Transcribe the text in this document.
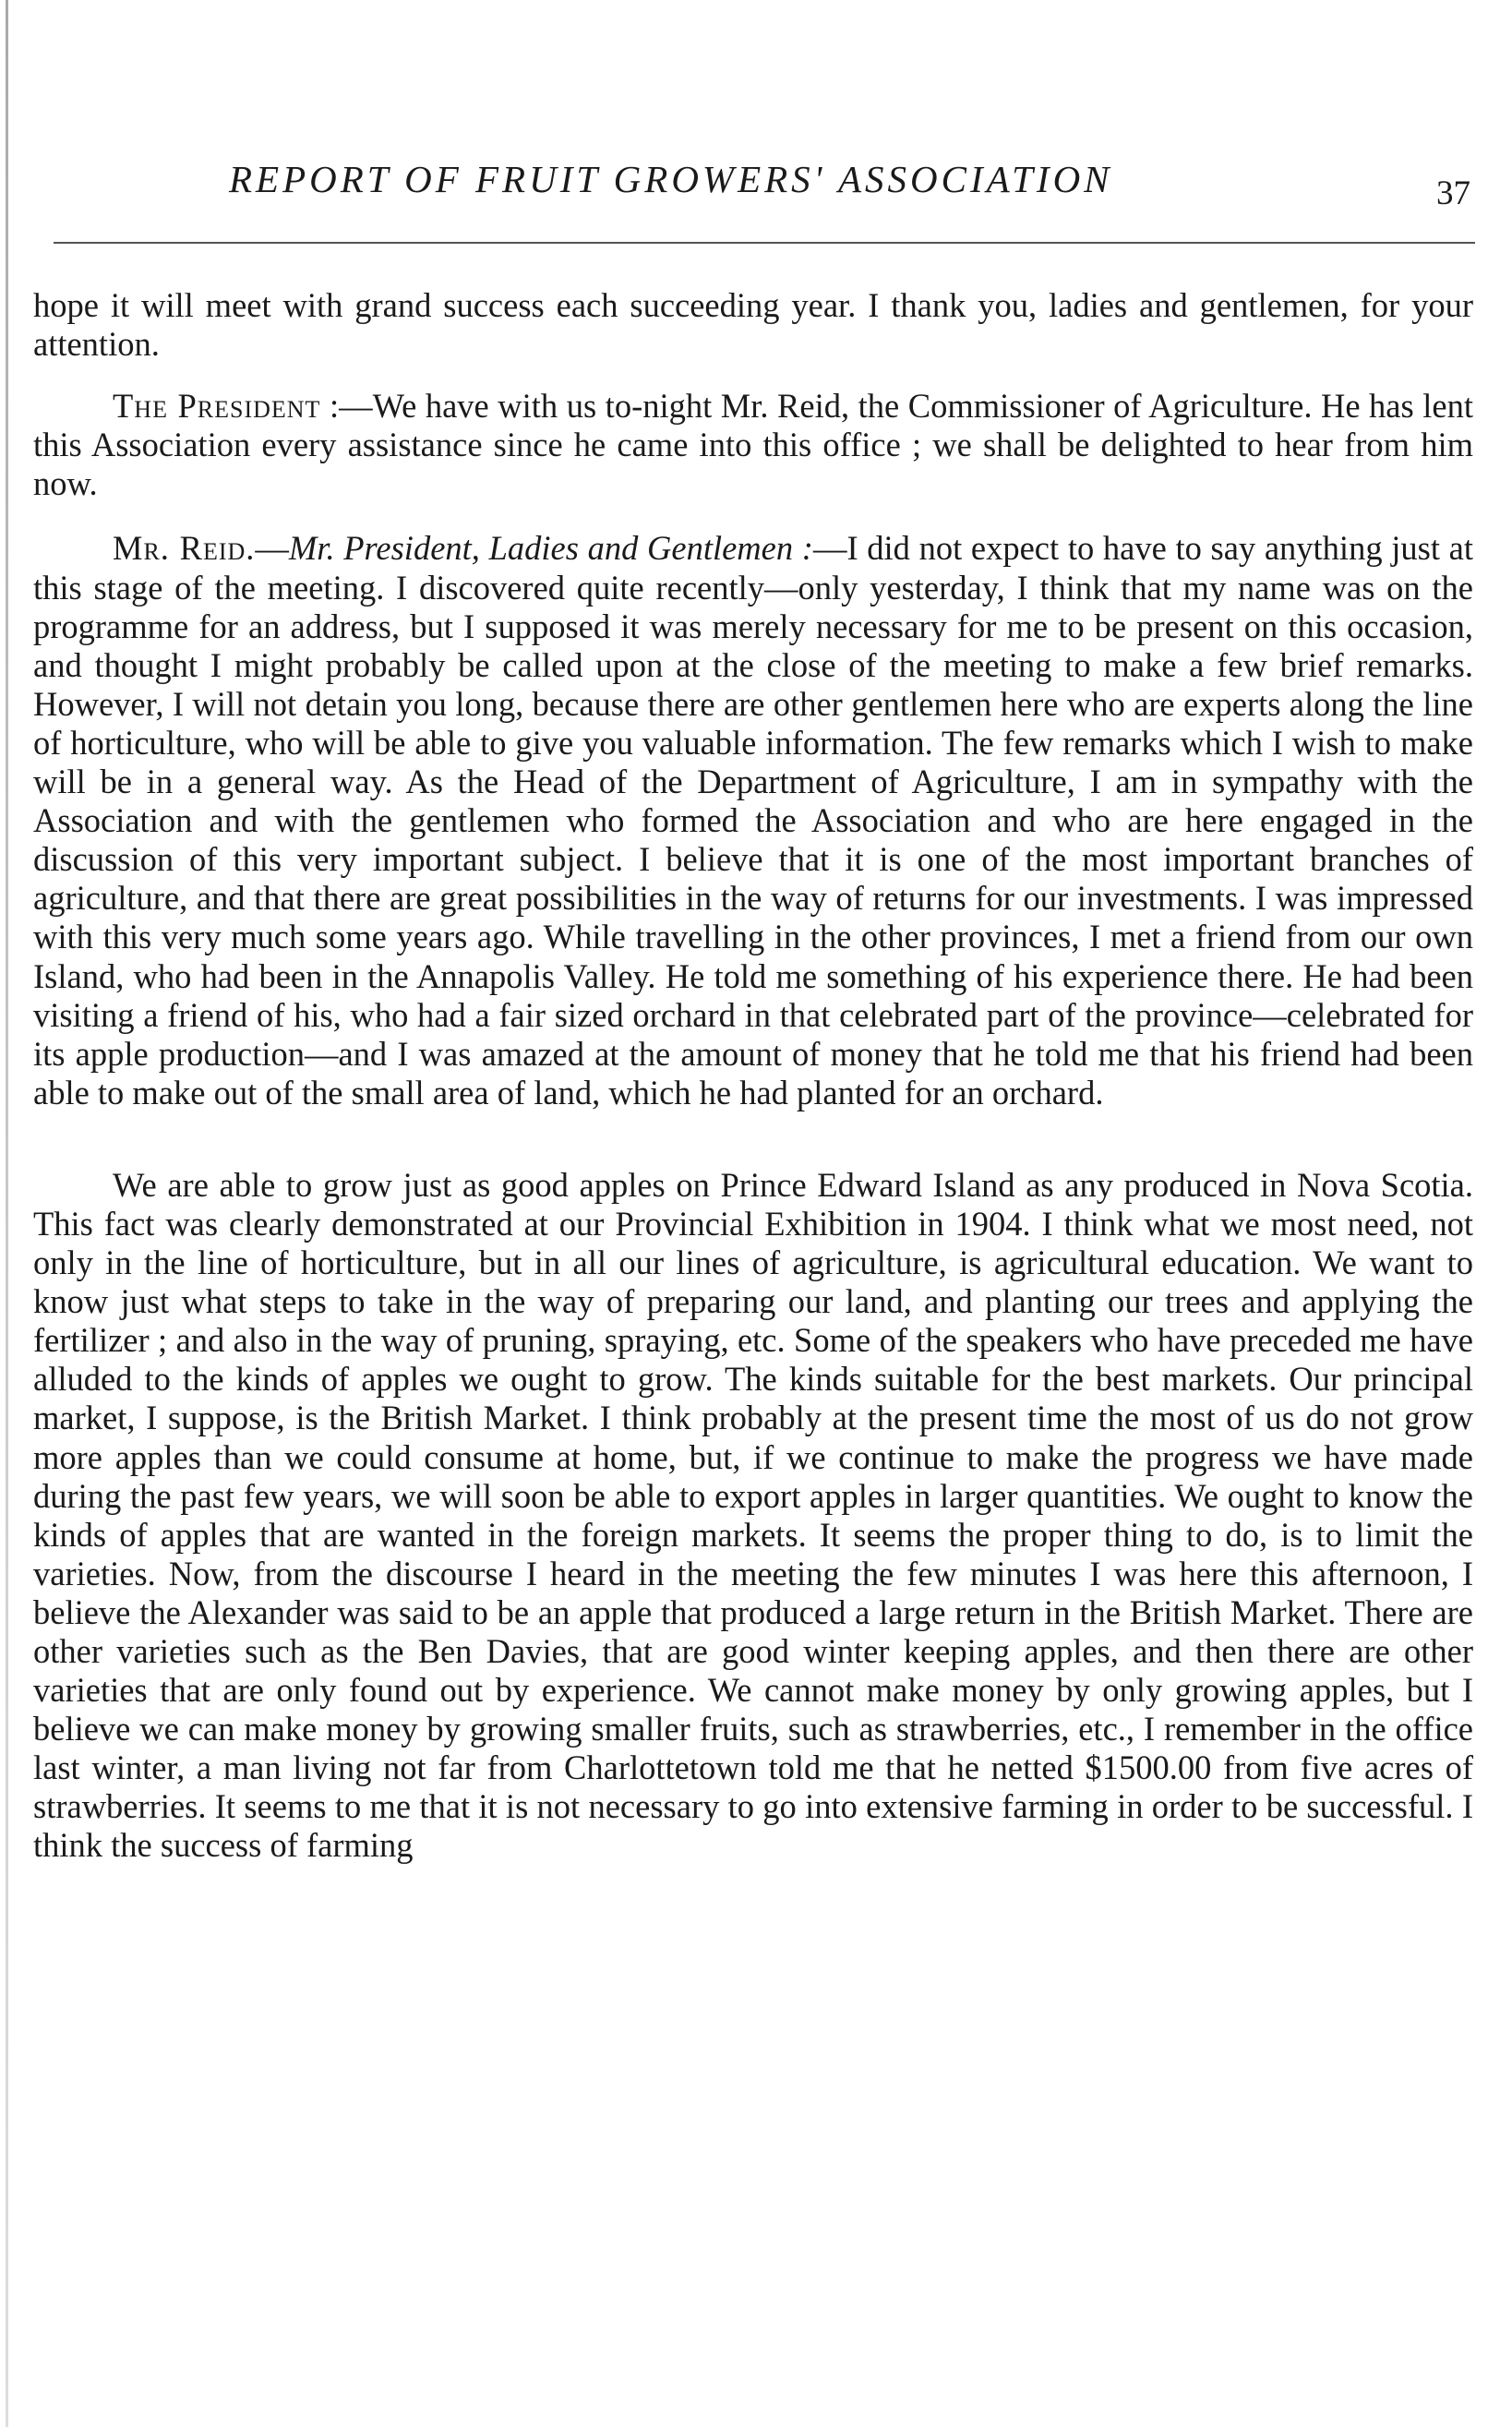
REPORT OF FRUIT GROWERS' ASSOCIATION	37

hope it will meet with grand success each succeeding year. I thank you, ladies and gentlemen, for your attention.

The President :—We have with us to-night Mr. Reid, the Commissioner of Agriculture. He has lent this Association every assistance since he came into this office ; we shall be delighted to hear from him now.

Mr. Reid.—Mr. President, Ladies and Gentlemen :—I did not expect to have to say anything just at this stage of the meeting. I discovered quite recently—only yesterday, I think that my name was on the programme for an address, but I supposed it was merely necessary for me to be present on this occasion, and thought I might probably be called upon at the close of the meeting to make a few brief remarks. However, I will not detain you long, because there are other gentlemen here who are experts along the line of horticulture, who will be able to give you valuable information. The few remarks which I wish to make will be in a general way. As the Head of the Department of Agriculture, I am in sympathy with the Association and with the gentlemen who formed the Association and who are here engaged in the discussion of this very important subject. I believe that it is one of the most important branches of agriculture, and that there are great possibilities in the way of returns for our investments. I was impressed with this very much some years ago. While travelling in the other provinces, I met a friend from our own Island, who had been in the Annapolis Valley. He told me something of his experience there. He had been visiting a friend of his, who had a fair sized orchard in that celebrated part of the province—celebrated for its apple production—and I was amazed at the amount of money that he told me that his friend had been able to make out of the small area of land, which he had planted for an orchard.

We are able to grow just as good apples on Prince Edward Island as any produced in Nova Scotia. This fact was clearly demonstrated at our Provincial Exhibition in 1904. I think what we most need, not only in the line of horticulture, but in all our lines of agriculture, is agricultural education. We want to know just what steps to take in the way of preparing our land, and planting our trees and applying the fertilizer ; and also in the way of pruning, spraying, etc. Some of the speakers who have preceded me have alluded to the kinds of apples we ought to grow. The kinds suitable for the best markets. Our principal market, I suppose, is the British Market. I think probably at the present time the most of us do not grow more apples than we could consume at home, but, if we continue to make the progress we have made during the past few years, we will soon be able to export apples in larger quantities. We ought to know the kinds of apples that are wanted in the foreign markets. It seems the proper thing to do, is to limit the varieties. Now, from the discourse I heard in the meeting the few minutes I was here this afternoon, I believe the Alexander was said to be an apple that produced a large return in the British Market. There are other varieties such as the Ben Davies, that are good winter keeping apples, and then there are other varieties that are only found out by experience. We cannot make money by only growing apples, but I believe we can make money by growing smaller fruits, such as strawberries, etc., I remember in the office last winter, a man living not far from Charlottetown told me that he netted $1500.00 from five acres of strawberries. It seems to me that it is not necessary to go into extensive farming in order to be successful. I think the success of farming
